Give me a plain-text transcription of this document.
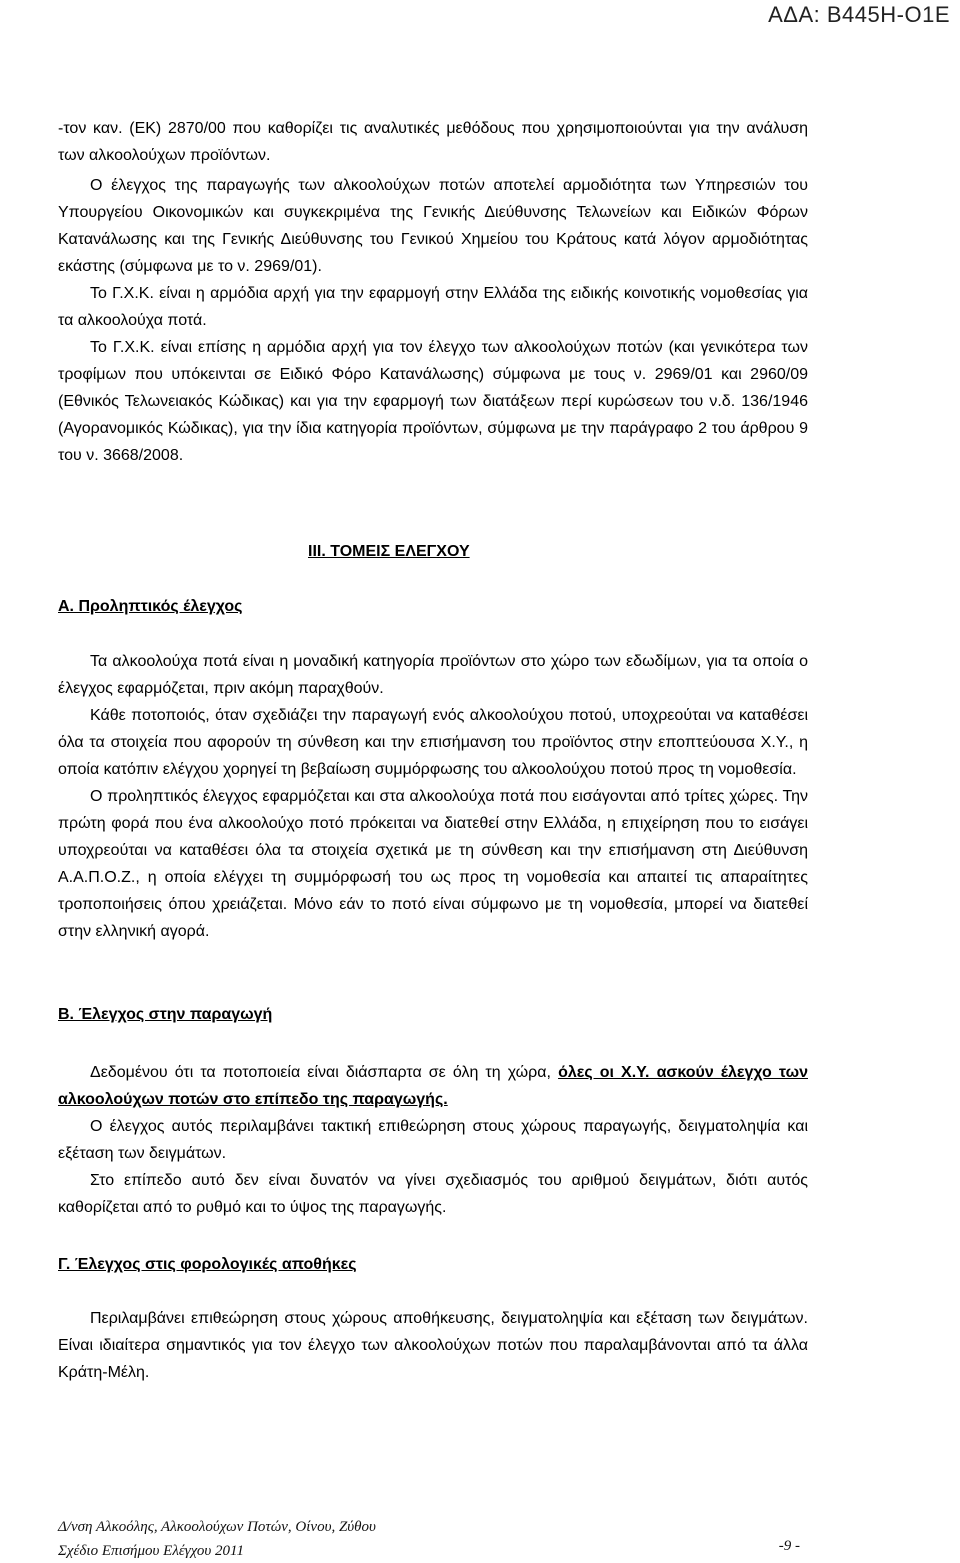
ΑΔΑ: Β445Η-Ο1Ε

-τον καν. (ΕΚ) 2870/00 που καθορίζει τις αναλυτικές μεθόδους που χρησιμοποιούνται για την ανάλυση των αλκοολούχων προϊόντων.

Ο έλεγχος της παραγωγής των αλκοολούχων ποτών αποτελεί αρμοδιότητα των Υπηρεσιών του Υπουργείου Οικονομικών και συγκεκριμένα της Γενικής Διεύθυνσης Τελωνείων και Ειδικών Φόρων Κατανάλωσης και της Γενικής Διεύθυνσης του Γενικού Χημείου του Κράτους κατά λόγον αρμοδιότητας εκάστης (σύμφωνα με το ν. 2969/01).

Το Γ.Χ.Κ. είναι η αρμόδια αρχή για την εφαρμογή στην Ελλάδα της ειδικής κοινοτικής νομοθεσίας για τα αλκοολούχα ποτά.

Το Γ.Χ.Κ. είναι επίσης η αρμόδια αρχή για τον έλεγχο των αλκοολούχων ποτών (και γενικότερα των τροφίμων που υπόκεινται σε Ειδικό Φόρο Κατανάλωσης) σύμφωνα με τους ν. 2969/01 και 2960/09 (Εθνικός Τελωνειακός Κώδικας) και για την εφαρμογή των διατάξεων περί κυρώσεων του ν.δ. 136/1946 (Αγορανομικός Κώδικας), για την ίδια κατηγορία προϊόντων, σύμφωνα με την παράγραφο 2 του άρθρου 9 του ν. 3668/2008.

ΙΙΙ. ΤΟΜΕΙΣ ΕΛΕΓΧΟΥ
Α. Προληπτικός έλεγχος

Τα αλκοολούχα ποτά είναι η μοναδική κατηγορία προϊόντων στο χώρο των εδωδίμων, για τα οποία ο έλεγχος εφαρμόζεται, πριν ακόμη παραχθούν.

Κάθε ποτοποιός, όταν σχεδιάζει την παραγωγή ενός αλκοολούχου ποτού, υποχρεούται να καταθέσει όλα τα στοιχεία που αφορούν τη σύνθεση και την επισήμανση του προϊόντος στην εποπτεύουσα Χ.Υ., η οποία κατόπιν ελέγχου χορηγεί τη βεβαίωση συμμόρφωσης του αλκοολούχου ποτού προς τη νομοθεσία.

Ο προληπτικός έλεγχος εφαρμόζεται και στα αλκοολούχα ποτά που εισάγονται από τρίτες χώρες. Την πρώτη φορά που ένα αλκοολούχο ποτό πρόκειται να διατεθεί στην Ελλάδα, η επιχείρηση που το εισάγει υποχρεούται να καταθέσει όλα τα στοιχεία σχετικά με τη σύνθεση και την επισήμανση στη Διεύθυνση Α.Α.Π.Ο.Ζ., η οποία ελέγχει τη συμμόρφωσή του ως προς τη νομοθεσία και απαιτεί τις απαραίτητες τροποποιήσεις όπου χρειάζεται. Μόνο εάν το ποτό είναι σύμφωνο με τη νομοθεσία, μπορεί να διατεθεί στην ελληνική αγορά.

Β. Έλεγχος στην παραγωγή

Δεδομένου ότι τα ποτοποιεία είναι διάσπαρτα σε όλη τη χώρα, όλες οι Χ.Υ. ασκούν έλεγχο των αλκοολούχων ποτών στο επίπεδο της παραγωγής.

Ο έλεγχος αυτός περιλαμβάνει τακτική επιθεώρηση στους χώρους παραγωγής, δειγματοληψία και εξέταση των δειγμάτων.

Στο επίπεδο αυτό δεν είναι δυνατόν να γίνει σχεδιασμός του αριθμού δειγμάτων, διότι αυτός καθορίζεται από το ρυθμό και το ύψος της παραγωγής.

Γ. Έλεγχος στις φορολογικές αποθήκες

Περιλαμβάνει επιθεώρηση στους χώρους αποθήκευσης, δειγματοληψία και εξέταση των δειγμάτων. Είναι ιδιαίτερα σημαντικός για τον έλεγχο των αλκοολούχων ποτών που παραλαμβάνονται από τα άλλα Κράτη-Μέλη.

Δ/νση Αλκοόλης, Αλκοολούχων Ποτών, Οίνου, Ζύθου
Σχέδιο Επισήμου Ελέγχου 2011	-9 -
